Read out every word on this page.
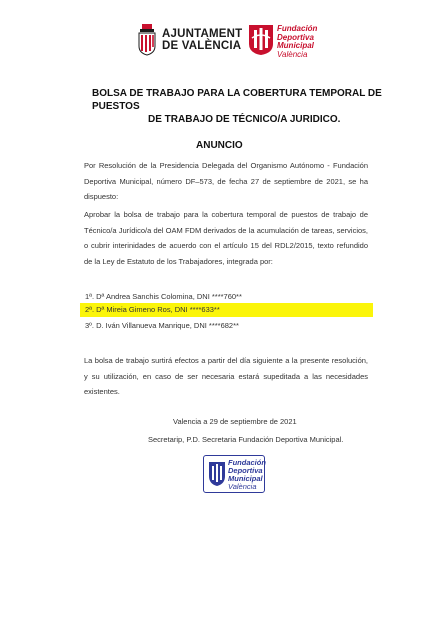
AJUNTAMENT
DE VALÈNCIA
Fundación
Deportiva
Municipal
València
BOLSA DE TRABAJO PARA LA COBERTURA TEMPORAL DE PUESTOS
DE TRABAJO DE TÉCNICO/A JURIDICO.
ANUNCIO
Por Resolución de la Presidencia Delegada del Organismo Autónomo - Fundación Deportiva Municipal, número DF–573, de fecha 27 de septiembre de 2021, se ha dispuesto:
Aprobar la bolsa de trabajo para la cobertura temporal de puestos de trabajo de Técnico/a Jurídico/a del OAM FDM derivados de la acumulación de tareas, servicios, o cubrir interinidades de acuerdo con el artículo 15 del RDL2/2015, texto refundido de la Ley de Estatuto de los Trabajadores, integrada por:
1ª. Dª Andrea Sanchis Colomina, DNI ****760**
2ª. Dª Mireia Gimeno Ros, DNI ****633**
3º. D. Iván Villanueva Manrique, DNI ****682**
La bolsa de trabajo surtirá efectos a partir del día siguiente a la presente resolución, y su utilización, en caso de ser necesaria estará supeditada a las necesidades existentes.
Valencia a 29 de septiembre de 2021
Secretarip, P.D. Secretaria Fundación Deportiva Municipal.
Fundación
Deportiva
Municipal
València
